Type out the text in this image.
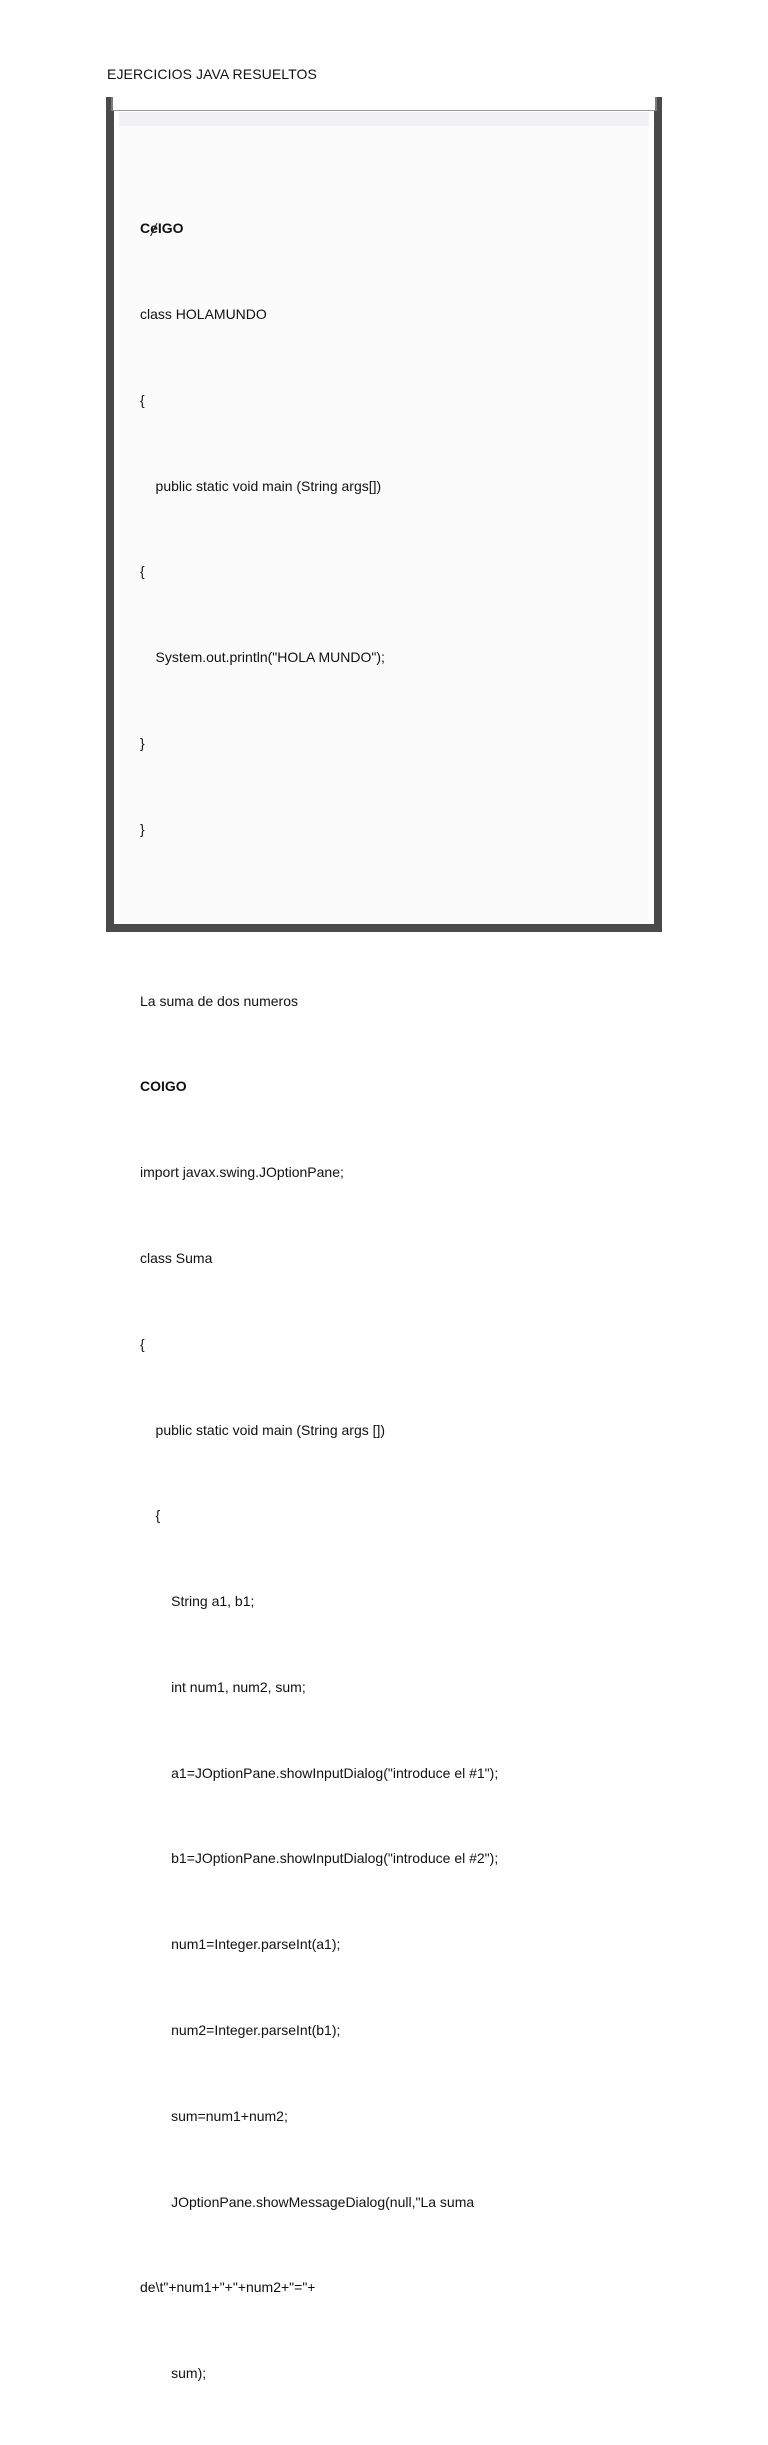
EJERCICIOS JAVA RESUELTOS

CɇIGO

class HOLAMUNDO

{

public static void main (String args[])

{

System.out.println("HOLA MUNDO");

}

}

La suma de dos numeros

COIGO

import javax.swing.JOptionPane;

class Suma

{

public static void main (String args [])

{

String a1, b1;

int num1, num2, sum;

a1=JOptionPane.showInputDialog("introduce el #1");

b1=JOptionPane.showInputDialog("introduce el #2");

num1=Integer.parseInt(a1);

num2=Integer.parseInt(b1);

sum=num1+num2;

JOptionPane.showMessageDialog(null,"La suma

de\t"+num1+"+"+num2+"="+

sum);
